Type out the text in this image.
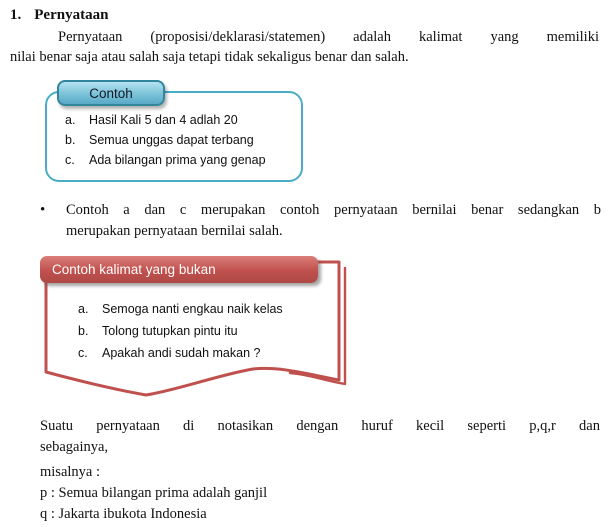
1. Pernyataan
Pernyataan (proposisi/deklarasi/statemen) adalah kalimat yang memiliki
nilai benar saja atau salah saja tetapi tidak sekaligus benar dan salah.
Contoh
a.	Hasil Kali 5 dan 4 adlah 20
b.	Semua unggas dapat terbang
c.	Ada bilangan prima yang genap
•	Contoh a dan c merupakan contoh pernyataan bernilai benar sedangkan b
merupakan pernyataan bernilai salah.
Contoh kalimat yang bukan
a.	Semoga nanti engkau naik kelas
b.	Tolong tutupkan pintu itu
c.	Apakah andi sudah makan ?
Suatu pernyataan di notasikan dengan huruf kecil seperti p,q,r dan
sebagainya,
misalnya :
p : Semua bilangan prima adalah ganjil
q : Jakarta ibukota Indonesia
